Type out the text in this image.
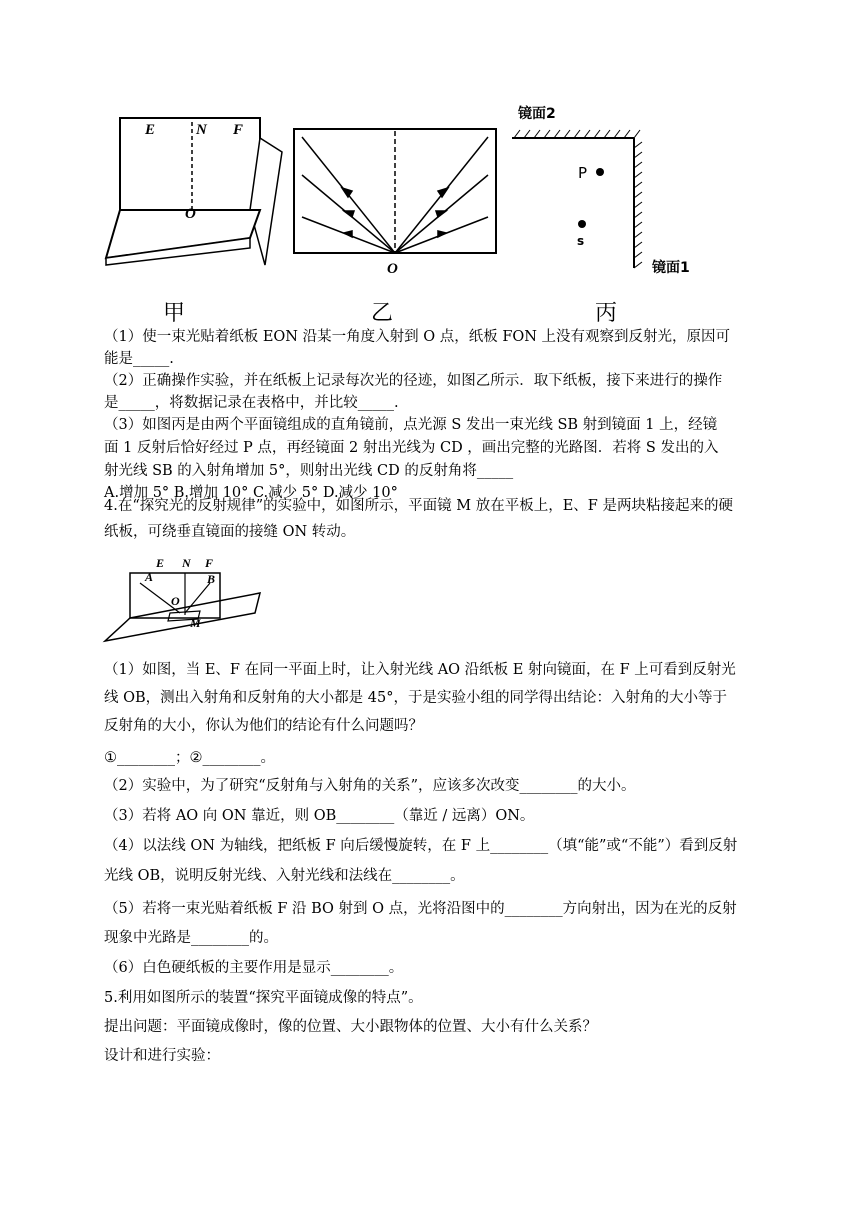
E	N F
O
O
镜面2
P
s
镜面1
甲	乙	丙
（1）使一束光贴着纸板 EON 沿某一角度入射到 O 点，纸板 FON 上没有观察到反射光，原因可
能是_____.
（2）正确操作实验，并在纸板上记录每次光的径迹，如图乙所示．取下纸板，接下来进行的操作
是_____，将数据记录在表格中，并比较_____.
（3）如图丙是由两个平面镜组成的直角镜前，点光源 S 发出一束光线 SB 射到镜面 1 上，经镜
面 1 反射后恰好经过 P 点，再经镜面 2 射出光线为 CD ，画出完整的光路图．若将 S 发出的入
射光线 SB 的入射角增加 5°，则射出光线 CD 的反射角将_____
A.增加 5° B.增加 10° C.减少 5° D.减少 10°
4.在“探究光的反射规律”的实验中，如图所示，平面镜 M 放在平板上，E、F 是两块粘接起来的硬
纸板，可绕垂直镜面的接缝 ON 转动。
E N F
A	B
O
M
（1）如图，当 E、F 在同一平面上时，让入射光线 AO 沿纸板 E 射向镜面，在 F 上可看到反射光
线 OB，测出入射角和反射角的大小都是 45°，于是实验小组的同学得出结论：入射角的大小等于
反射角的大小，你认为他们的结论有什么问题吗？
①________；②________。
（2）实验中，为了研究“反射角与入射角的关系”，应该多次改变________的大小。
（3）若将 AO 向 ON 靠近，则 OB________（靠近 / 远离）ON。
（4）以法线 ON 为轴线，把纸板 F 向后缓慢旋转，在 F 上________（填“能”或“不能”）看到反射
光线 OB，说明反射光线、入射光线和法线在________。
（5）若将一束光贴着纸板 F 沿 BO 射到 O 点，光将沿图中的________方向射出，因为在光的反射
现象中光路是________的。
（6）白色硬纸板的主要作用是显示________。
5.利用如图所示的装置“探究平面镜成像的特点”。
提出问题：平面镜成像时，像的位置、大小跟物体的位置、大小有什么关系？
设计和进行实验：
